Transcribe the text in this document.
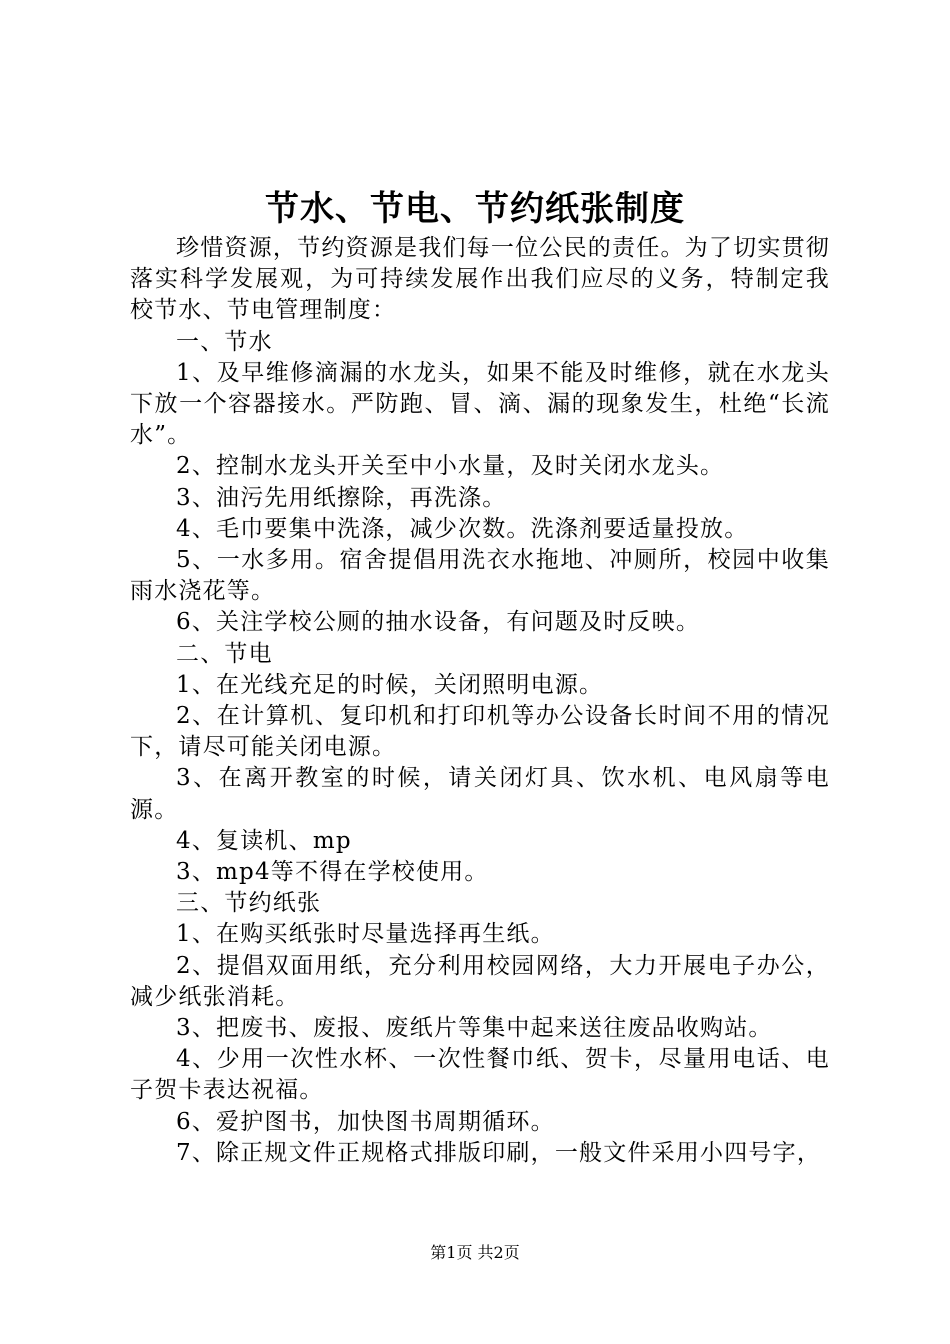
节水、节电、节约纸张制度

珍惜资源，节约资源是我们每一位公民的责任。为了切实贯彻落实科学发展观，为可持续发展作出我们应尽的义务，特制定我校节水、节电管理制度：

一、节水

1、及早维修滴漏的水龙头，如果不能及时维修，就在水龙头下放一个容器接水。严防跑、冒、滴、漏的现象发生，杜绝“长流水”。

2、控制水龙头开关至中小水量，及时关闭水龙头。

3、油污先用纸擦除，再洗涤。

4、毛巾要集中洗涤，减少次数。洗涤剂要适量投放。

5、一水多用。宿舍提倡用洗衣水拖地、冲厕所，校园中收集雨水浇花等。

6、关注学校公厕的抽水设备，有问题及时反映。

二、节电

1、在光线充足的时候，关闭照明电源。

2、在计算机、复印机和打印机等办公设备长时间不用的情况下，请尽可能关闭电源。

3、在离开教室的时候，请关闭灯具、饮水机、电风扇等电源。

4、复读机、mp

3、mp4等不得在学校使用。

三、节约纸张

1、在购买纸张时尽量选择再生纸。

2、提倡双面用纸，充分利用校园网络，大力开展电子办公，减少纸张消耗。

3、把废书、废报、废纸片等集中起来送往废品收购站。

4、少用一次性水杯、一次性餐巾纸、贺卡，尽量用电话、电子贺卡表达祝福。

6、爱护图书，加快图书周期循环。

7、除正规文件正规格式排版印刷，一般文件采用小四号字，

第1页 共2页
